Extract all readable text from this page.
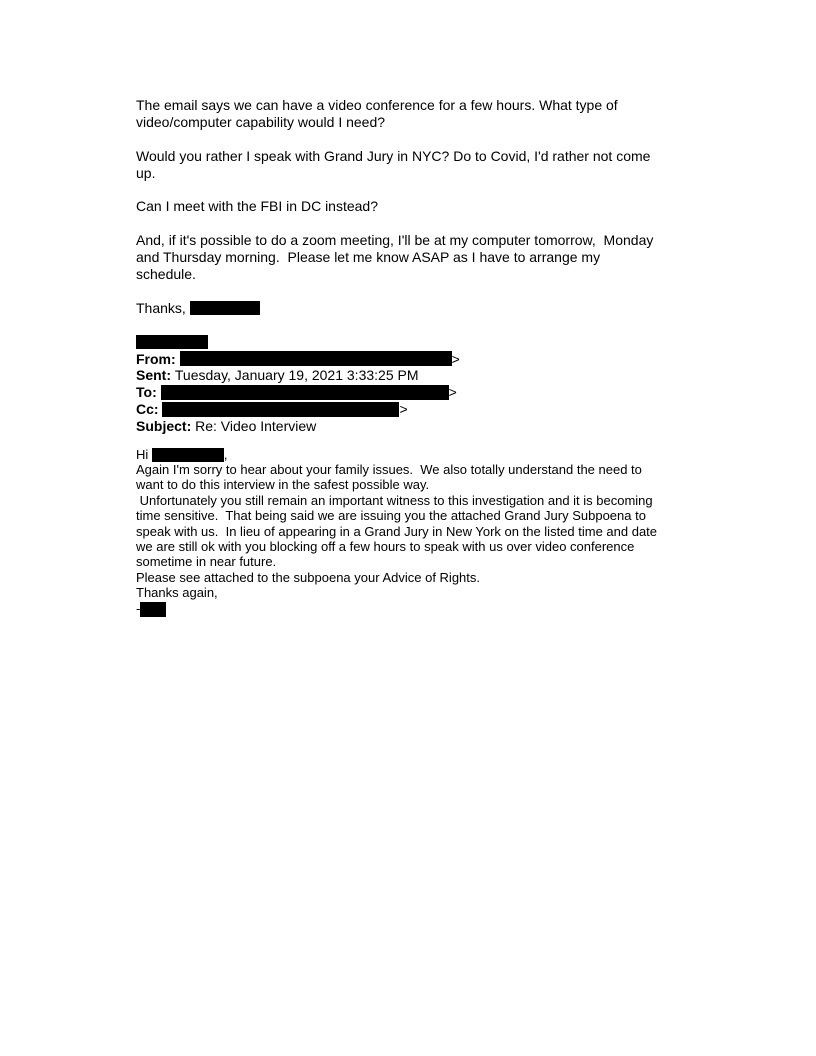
The email says we can have a video conference for a few hours. What type of
video/computer capability would I need?
Would you rather I speak with Grand Jury in NYC? Do to Covid, I'd rather not come
up.
Can I meet with the FBI in DC instead?
And, if it's possible to do a zoom meeting, I'll be at my computer tomorrow,  Monday
and Thursday morning.  Please let me know ASAP as I have to arrange my
schedule.
Thanks,
From:	>
Sent: Tuesday, January 19, 2021 3:33:25 PM
To:	>
Cc:	>
Subject: Re: Video Interview
Hi	,
Again I'm sorry to hear about your family issues.  We also totally understand the need to
want to do this interview in the safest possible way.
Unfortunately you still remain an important witness to this investigation and it is becoming
time sensitive.  That being said we are issuing you the attached Grand Jury Subpoena to
speak with us.  In lieu of appearing in a Grand Jury in New York on the listed time and date
we are still ok with you blocking off a few hours to speak with us over video conference
sometime in near future.
Please see attached to the subpoena your Advice of Rights.
Thanks again,
-
